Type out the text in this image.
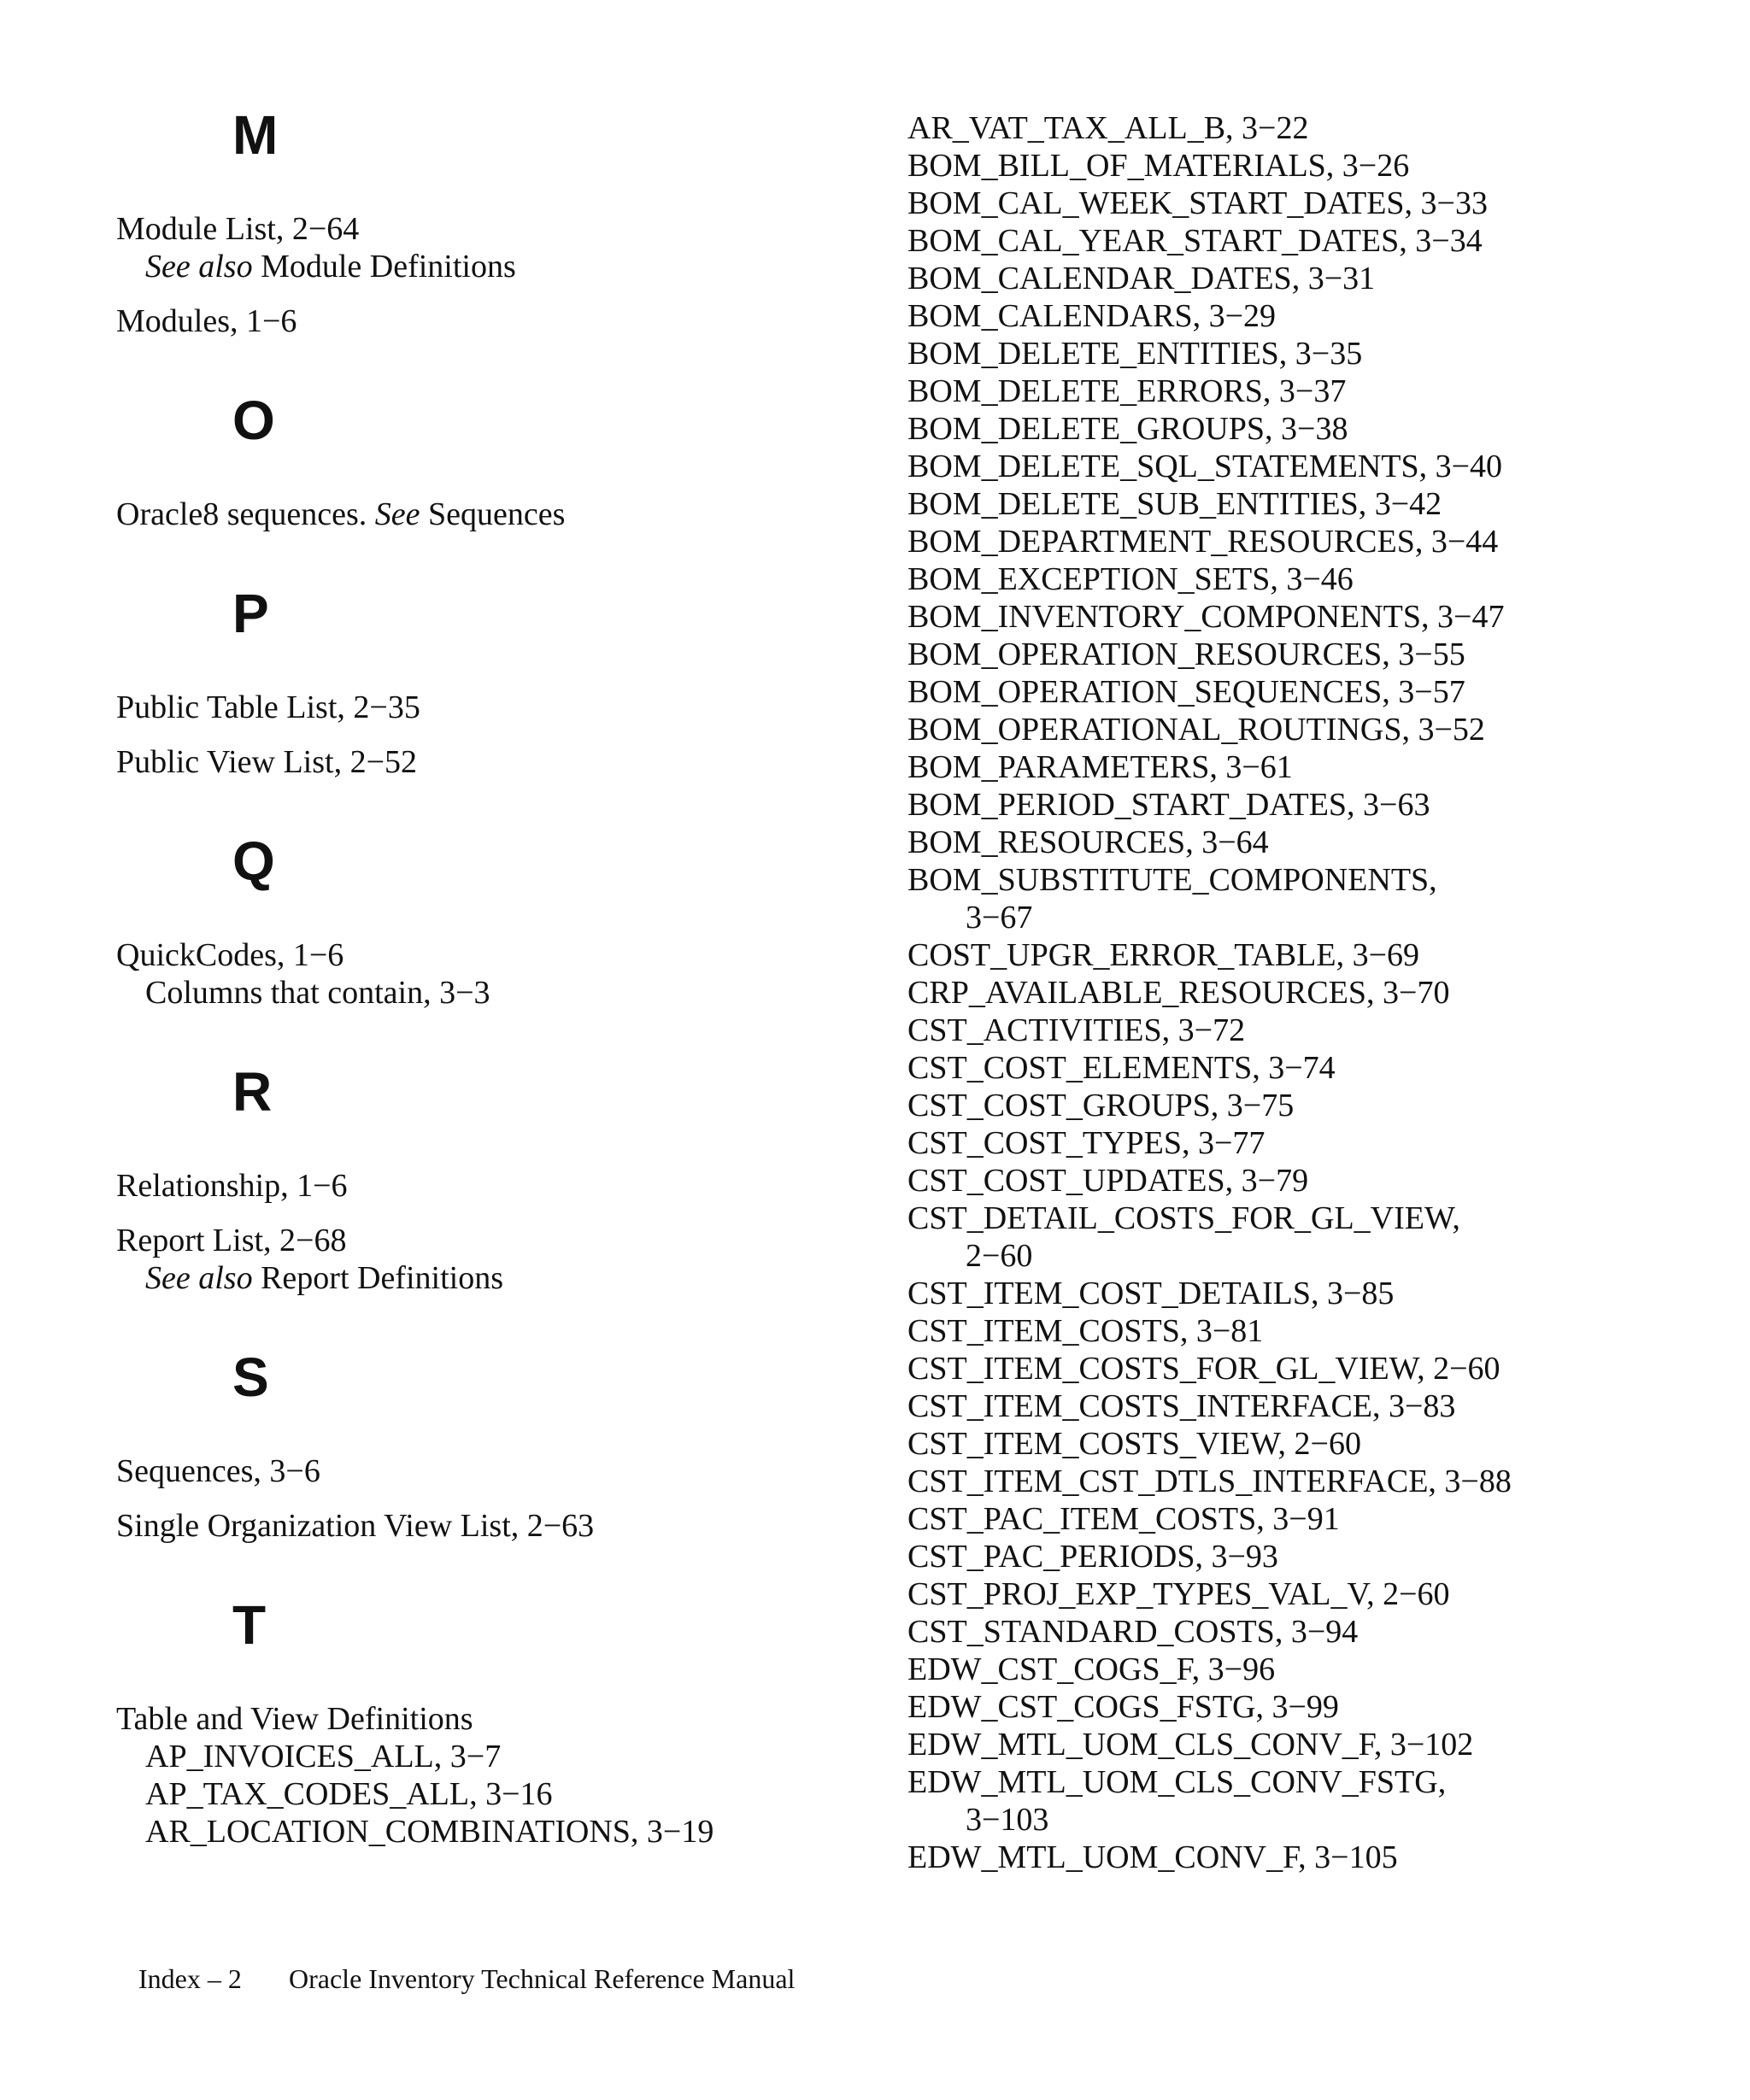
M
Module List, 2−64
See also Module Definitions
Modules, 1−6
O
Oracle8 sequences. See Sequences
P
Public Table List, 2−35
Public View List, 2−52
Q
QuickCodes, 1−6
Columns that contain, 3−3
R
Relationship, 1−6
Report List, 2−68
See also Report Definitions
S
Sequences, 3−6
Single Organization View List, 2−63
T
Table and View Definitions
AP_INVOICES_ALL, 3−7
AP_TAX_CODES_ALL, 3−16
AR_LOCATION_COMBINATIONS, 3−19
AR_VAT_TAX_ALL_B, 3−22
BOM_BILL_OF_MATERIALS, 3−26
BOM_CAL_WEEK_START_DATES, 3−33
BOM_CAL_YEAR_START_DATES, 3−34
BOM_CALENDAR_DATES, 3−31
BOM_CALENDARS, 3−29
BOM_DELETE_ENTITIES, 3−35
BOM_DELETE_ERRORS, 3−37
BOM_DELETE_GROUPS, 3−38
BOM_DELETE_SQL_STATEMENTS, 3−40
BOM_DELETE_SUB_ENTITIES, 3−42
BOM_DEPARTMENT_RESOURCES, 3−44
BOM_EXCEPTION_SETS, 3−46
BOM_INVENTORY_COMPONENTS, 3−47
BOM_OPERATION_RESOURCES, 3−55
BOM_OPERATION_SEQUENCES, 3−57
BOM_OPERATIONAL_ROUTINGS, 3−52
BOM_PARAMETERS, 3−61
BOM_PERIOD_START_DATES, 3−63
BOM_RESOURCES, 3−64
BOM_SUBSTITUTE_COMPONENTS,
3−67
COST_UPGR_ERROR_TABLE, 3−69
CRP_AVAILABLE_RESOURCES, 3−70
CST_ACTIVITIES, 3−72
CST_COST_ELEMENTS, 3−74
CST_COST_GROUPS, 3−75
CST_COST_TYPES, 3−77
CST_COST_UPDATES, 3−79
CST_DETAIL_COSTS_FOR_GL_VIEW,
2−60
CST_ITEM_COST_DETAILS, 3−85
CST_ITEM_COSTS, 3−81
CST_ITEM_COSTS_FOR_GL_VIEW, 2−60
CST_ITEM_COSTS_INTERFACE, 3−83
CST_ITEM_COSTS_VIEW, 2−60
CST_ITEM_CST_DTLS_INTERFACE, 3−88
CST_PAC_ITEM_COSTS, 3−91
CST_PAC_PERIODS, 3−93
CST_PROJ_EXP_TYPES_VAL_V, 2−60
CST_STANDARD_COSTS, 3−94
EDW_CST_COGS_F, 3−96
EDW_CST_COGS_FSTG, 3−99
EDW_MTL_UOM_CLS_CONV_F, 3−102
EDW_MTL_UOM_CLS_CONV_FSTG,
3−103
EDW_MTL_UOM_CONV_F, 3−105
Index – 2 Oracle Inventory Technical Reference Manual
